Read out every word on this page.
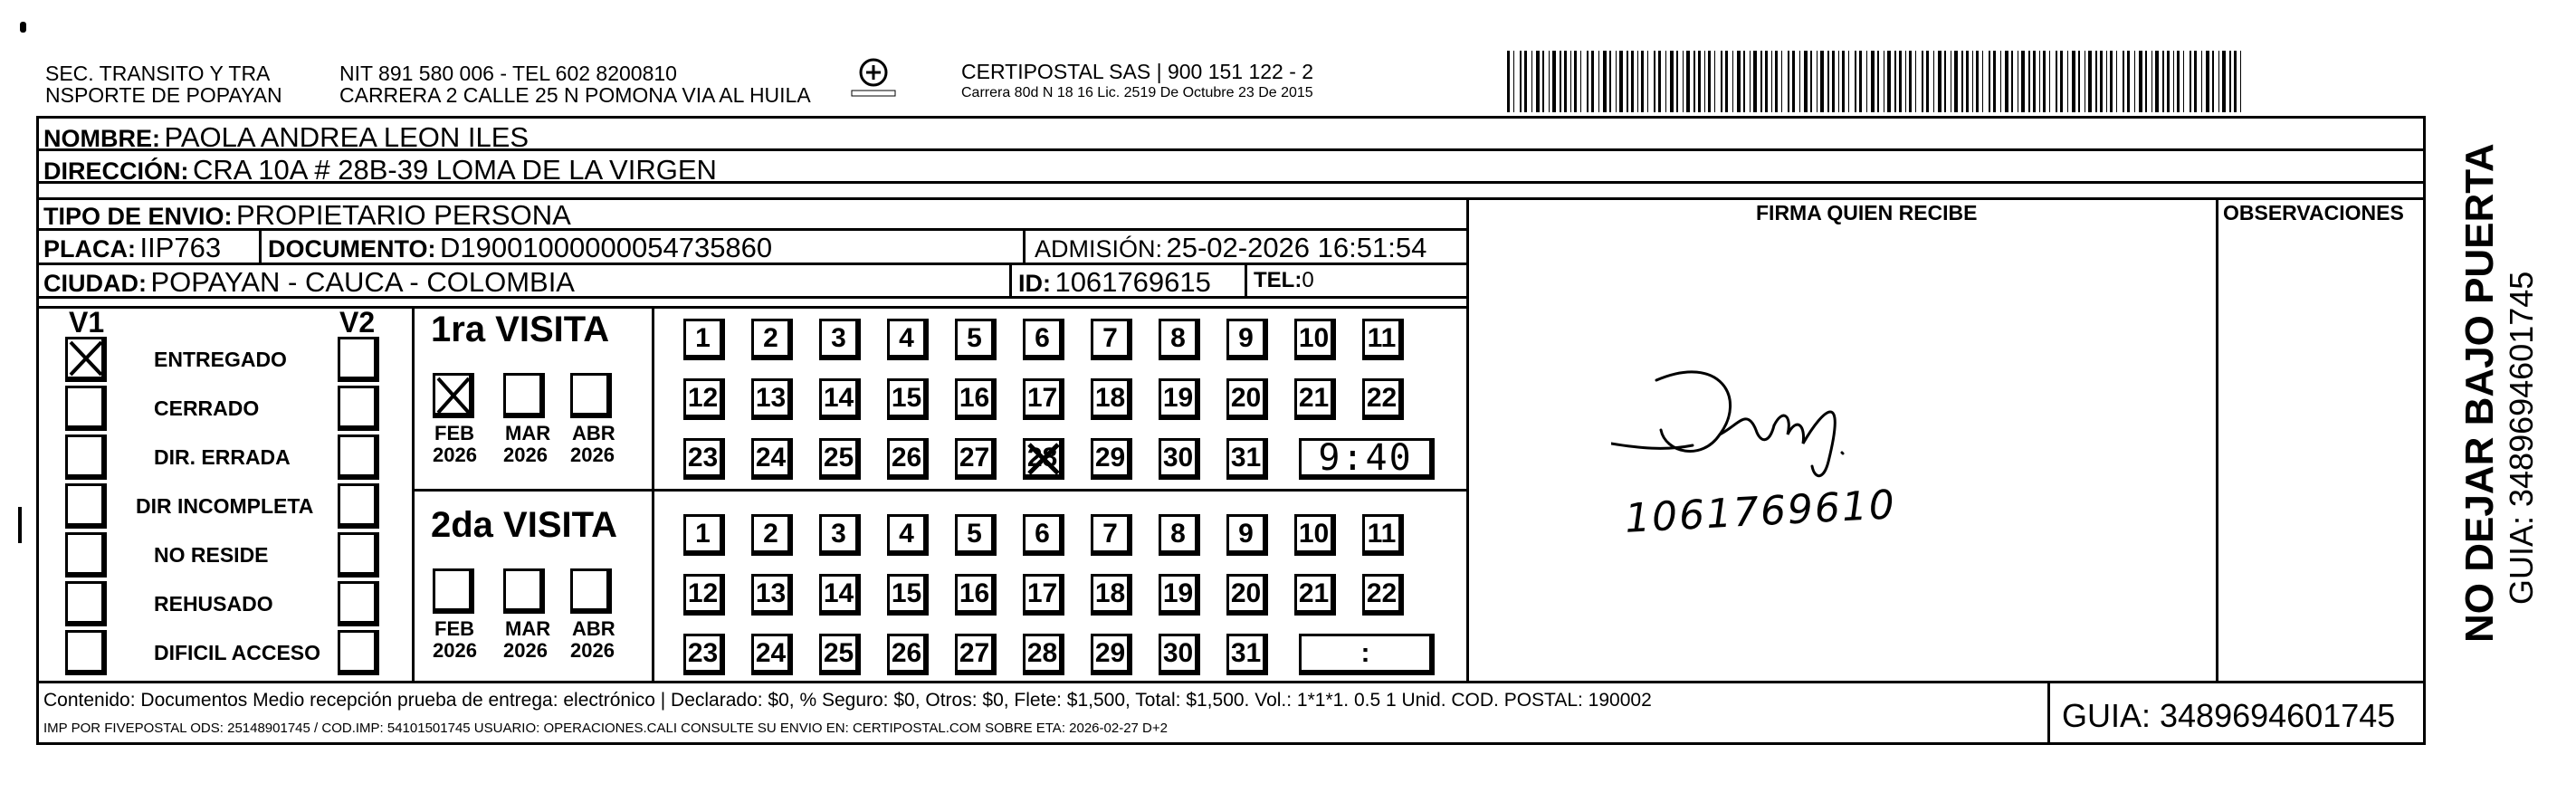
SEC. TRANSITO Y TRA
NSPORTE DE POPAYAN
NIT 891 580 006 - TEL 602 8200810
CARRERA 2 CALLE 25 N POMONA VIA AL HUILA
CERTIPOSTAL SAS | 900 151 122 - 2
Carrera 80d N 18 16 Lic. 2519 De Octubre 23 De 2015
NOMBRE: PAOLA ANDREA LEON ILES
DIRECCIÓN: CRA 10A # 28B-39 LOMA DE LA VIRGEN
TIPO DE ENVIO: PROPIETARIO PERSONA
PLACA: IIP763 DOCUMENTO: D19001000000054735860	ADMISIÓN: 25-02-2026 16:51:54
CIUDAD: POPAYAN - CAUCA - COLOMBIA	ID: 1061769615 TEL:0
FIRMA QUIEN RECIBE	OBSERVACIONES
1061769610
V1	V2
ENTREGADO
CERRADO
DIR. ERRADA
DIR INCOMPLETA
NO RESIDE
REHUSADO
DIFICIL ACCESO
1ra VISITA
2da VISITA
FEB
2026
MAR
2026
ABR
2026
1	2	3	4	5	6	7	8	9	10 11
12 13 14 15 16 17 18 19 20 21 22
23 24 25 26 27 28 29 30 31	9:40
FEB
2026
MAR
2026
ABR
2026
1	2	3	4	5	6	7	8	9	10 11
12 13 14 15 16 17 18 19 20 21 22
23 24 25 26 27 28 29 30 31	:
Contenido: Documentos Medio recepción prueba de entrega: electrónico | Declarado: $0, % Seguro: $0, Otros: $0, Flete: $1,500, Total: $1,500. Vol.: 1*1*1. 0.5 1 Unid. COD. POSTAL: 190002
IMP POR FIVEPOSTAL ODS: 25148901745 / COD.IMP: 54101501745 USUARIO: OPERACIONES.CALI CONSULTE SU ENVIO EN: CERTIPOSTAL.COM SOBRE ETA: 2026-02-27 D+2	GUIA: 3489694601745
NO DEJAR BAJO PUERTA GUIA: 3489694601745
